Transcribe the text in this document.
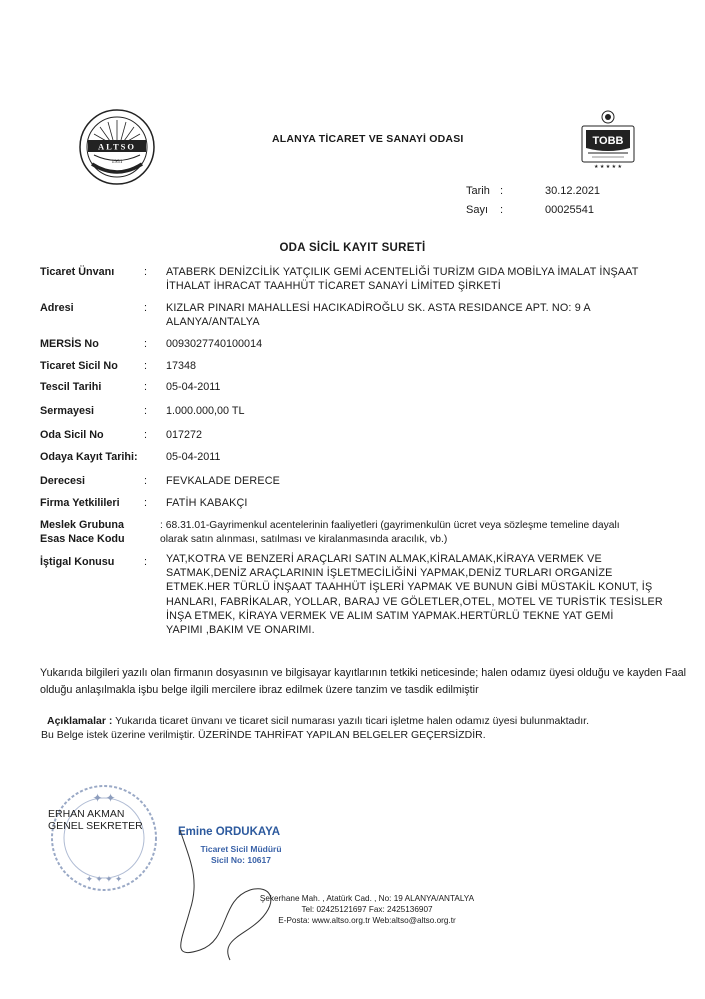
ALTSO
1951
ALANYA TİCARET VE SANAYİ ODASI	TOBB
★ ★ ★ ★ ★
Tarih :	30.12.2021
Sayı :	00025541
ODA SİCİL KAYIT SURETİ
Ticaret Ünvanı	: ATABERK DENİZCİLİK YATÇILIK GEMİ ACENTELİĞİ TURİZM GIDA MOBİLYA İMALAT İNŞAAT
İTHALAT İHRACAT TAAHHÜT TİCARET SANAYİ LİMİTED ŞİRKETİ
Adresi	: KIZLAR PINARI MAHALLESİ HACIKADİROĞLU SK. ASTA RESIDANCE APT. NO: 9 A
ALANYA/ANTALYA
MERSİS No	: 0093027740100014
Ticaret Sicil No : 17348
Tescil Tarihi	: 05-04-2011
Sermayesi	: 1.000.000,00 TL
Oda Sicil No	: 017272
Odaya Kayıt Tarihi:	05-04-2011
Derecesi	: FEVKALADE DERECE
Firma Yetkilileri : FATİH KABAKÇI
Meslek Grubuna
Esas Nace Kodu
: 68.31.01-Gayrimenkul acentelerinin faaliyetleri (gayrimenkulün ücret veya sözleşme temeline dayalı
olarak satın alınması, satılması ve kiralanmasında aracılık, vb.)
İştigal Konusu	: YAT,KOTRA VE BENZERİ ARAÇLARI SATIN ALMAK,KİRALAMAK,KİRAYA VERMEK VE
SATMAK,DENİZ ARAÇLARININ İŞLETMECİLİĞİNİ YAPMAK,DENİZ TURLARI ORGANİZE
ETMEK.HER TÜRLÜ İNŞAAT TAAHHÜT İŞLERİ YAPMAK VE BUNUN GİBİ MÜSTAKİL KONUT, İŞ
HANLARI, FABRİKALAR, YOLLAR, BARAJ VE GÖLETLER,OTEL, MOTEL VE TURİSTİK TESİSLER
İNŞA ETMEK, KİRAYA VERMEK VE ALIM SATIM YAPMAK.HERTÜRLÜ TEKNE YAT GEMİ
YAPIMI ,BAKIM VE ONARIMI.
Yukarıda bilgileri yazılı olan firmanın dosyasının ve bilgisayar kayıtlarının tetkiki neticesinde; halen odamız üyesi olduğu ve kayden Faal olduğu anlaşılmakla işbu belge ilgili mercilere ibraz edilmek üzere tanzim ve tasdik edilmiştir
Açıklamalar : Yukarıda ticaret ünvanı ve ticaret sicil numarası yazılı ticari işletme halen odamız üyesi bulunmaktadır.
Bu Belge istek üzerine verilmiştir. ÜZERİNDE TAHRİFAT YAPILAN BELGELER GEÇERSİZDİR.
✦ ✦
✦ ✦ ✦ ✦
ERHAN AKMAN
GENEL SEKRETER	Emine ORDUKAYA
Ticaret Sicil Müdürü
Sicil No: 10617
Şekerhane Mah. , Atatürk Cad. , No: 19 ALANYA/ANTALYA
Tel: 02425121697 Fax: 2425136907
E-Posta: www.altso.org.tr Web:altso@altso.org.tr
